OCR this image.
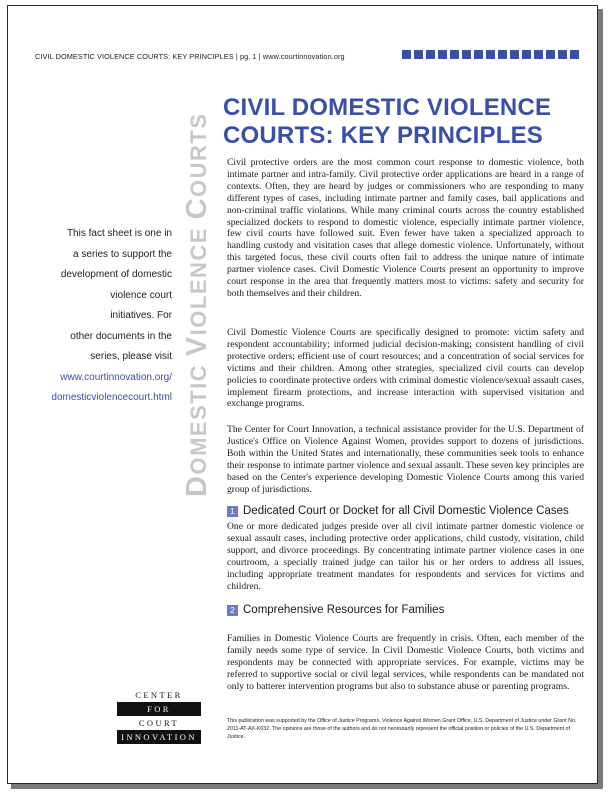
CIVIL DOMESTIC VIOLENCE COURTS: KEY PRINCIPLES | pg. 1 | www.courtinnovation.org
DOMESTIC VIOLENCE COURTS
This fact sheet is one in
a series to support the
development of domestic
violence court
initiatives. For
other documents in the
series, please visit
www.courtinnovation.org/
domesticviolencecourt.html
CIVIL DOMESTIC VIOLENCE
COURTS: KEY PRINCIPLES

Civil protective orders are the most common court response to domestic violence, both intimate partner and intra-family. Civil protective order applications are heard in a range of contexts. Often, they are heard by judges or commissioners who are responding to many different types of cases, including intimate partner and family cases, bail applications and non-criminal traffic violations. While many criminal courts across the country established specialized dockets to respond to domestic violence, especially intimate partner violence, few civil courts have followed suit. Even fewer have taken a specialized approach to handling custody and visitation cases that allege domestic violence. Unfortunately, without this targeted focus, these civil courts often fail to address the unique nature of intimate partner violence cases. Civil Domestic Violence Courts present an opportunity to improve court response in the area that frequently matters most to victims: safety and security for both themselves and their children.

Civil Domestic Violence Courts are specifically designed to promote: victim safety and respondent accountability; informed judicial decision-making; consistent handling of civil protective orders; efficient use of court resources; and a concentration of social services for victims and their children. Among other strategies, specialized civil courts can develop policies to coordinate protective orders with criminal domestic violence/sexual assault cases, implement firearm protections, and increase interaction with supervised visitation and exchange programs.

The Center for Court Innovation, a technical assistance provider for the U.S. Department of Justice's Office on Violence Against Women, provides support to dozens of jurisdictions. Both within the United States and internationally, these communities seek tools to enhance their response to intimate partner violence and sexual assault. These seven key principles are based on the Center's experience developing Domestic Violence Courts among this varied group of jurisdictions.

1 Dedicated Court or Docket for all Civil Domestic Violence Cases

One or more dedicated judges preside over all civil intimate partner domestic violence or sexual assault cases, including protective order applications, child custody, visitation, child support, and divorce proceedings. By concentrating intimate partner violence cases in one courtroom, a specially trained judge can tailor his or her orders to address all issues, including appropriate treatment mandates for respondents and services for victims and children.

2 Comprehensive Resources for Families

Families in Domestic Violence Courts are frequently in crisis. Often, each member of the family needs some type of service. In Civil Domestic Violence Courts, both victims and respondents may be connected with appropriate services. For example, victims may be referred to supportive social or civil legal services, while respondents can be mandated not only to batterer intervention programs but also to substance abuse or parenting programs.

CENTER
FOR
COURT
INNOVATION
This publication was supported by the Office of Justice Programs, Violence Against Women Grant Office, U.S. Department of Justice under Grant No. 2011-AT-AX-K032. The opinions are those of the authors and do not necessarily represent the official position or policies of the U.S. Department of Justice.
